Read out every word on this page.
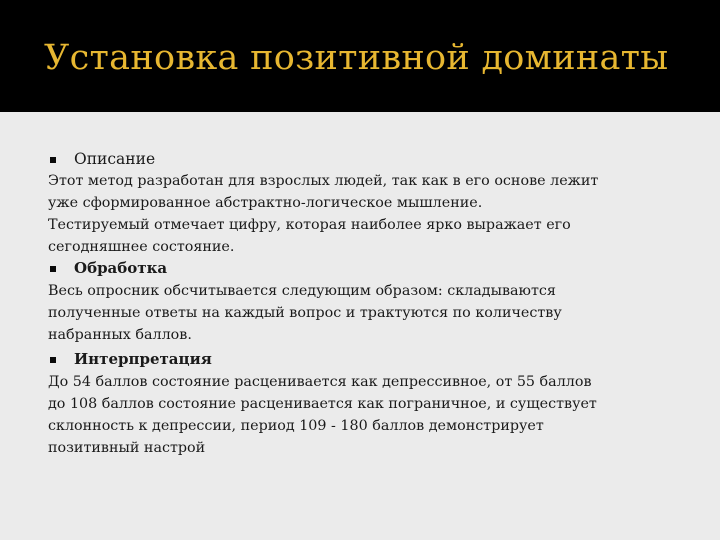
Установка позитивной доминаты
Описание

Этот метод разработан для взрослых людей, так как в его основе лежит
уже сформированное абстрактно-логическое мышление.

Тестируемый отмечает цифру, которая наиболее ярко выражает его
сегодняшнее состояние.

Обработка

Весь опросник обсчитывается следующим образом: складываются
полученные ответы на каждый вопрос и трактуются по количеству
набранных баллов.

Интерпретация

До 54 баллов состояние расценивается как депрессивное, от 55 баллов
до 108 баллов состояние расценивается как пограничное, и существует
склонность к депрессии, период 109 - 180 баллов демонстрирует
позитивный настрой
